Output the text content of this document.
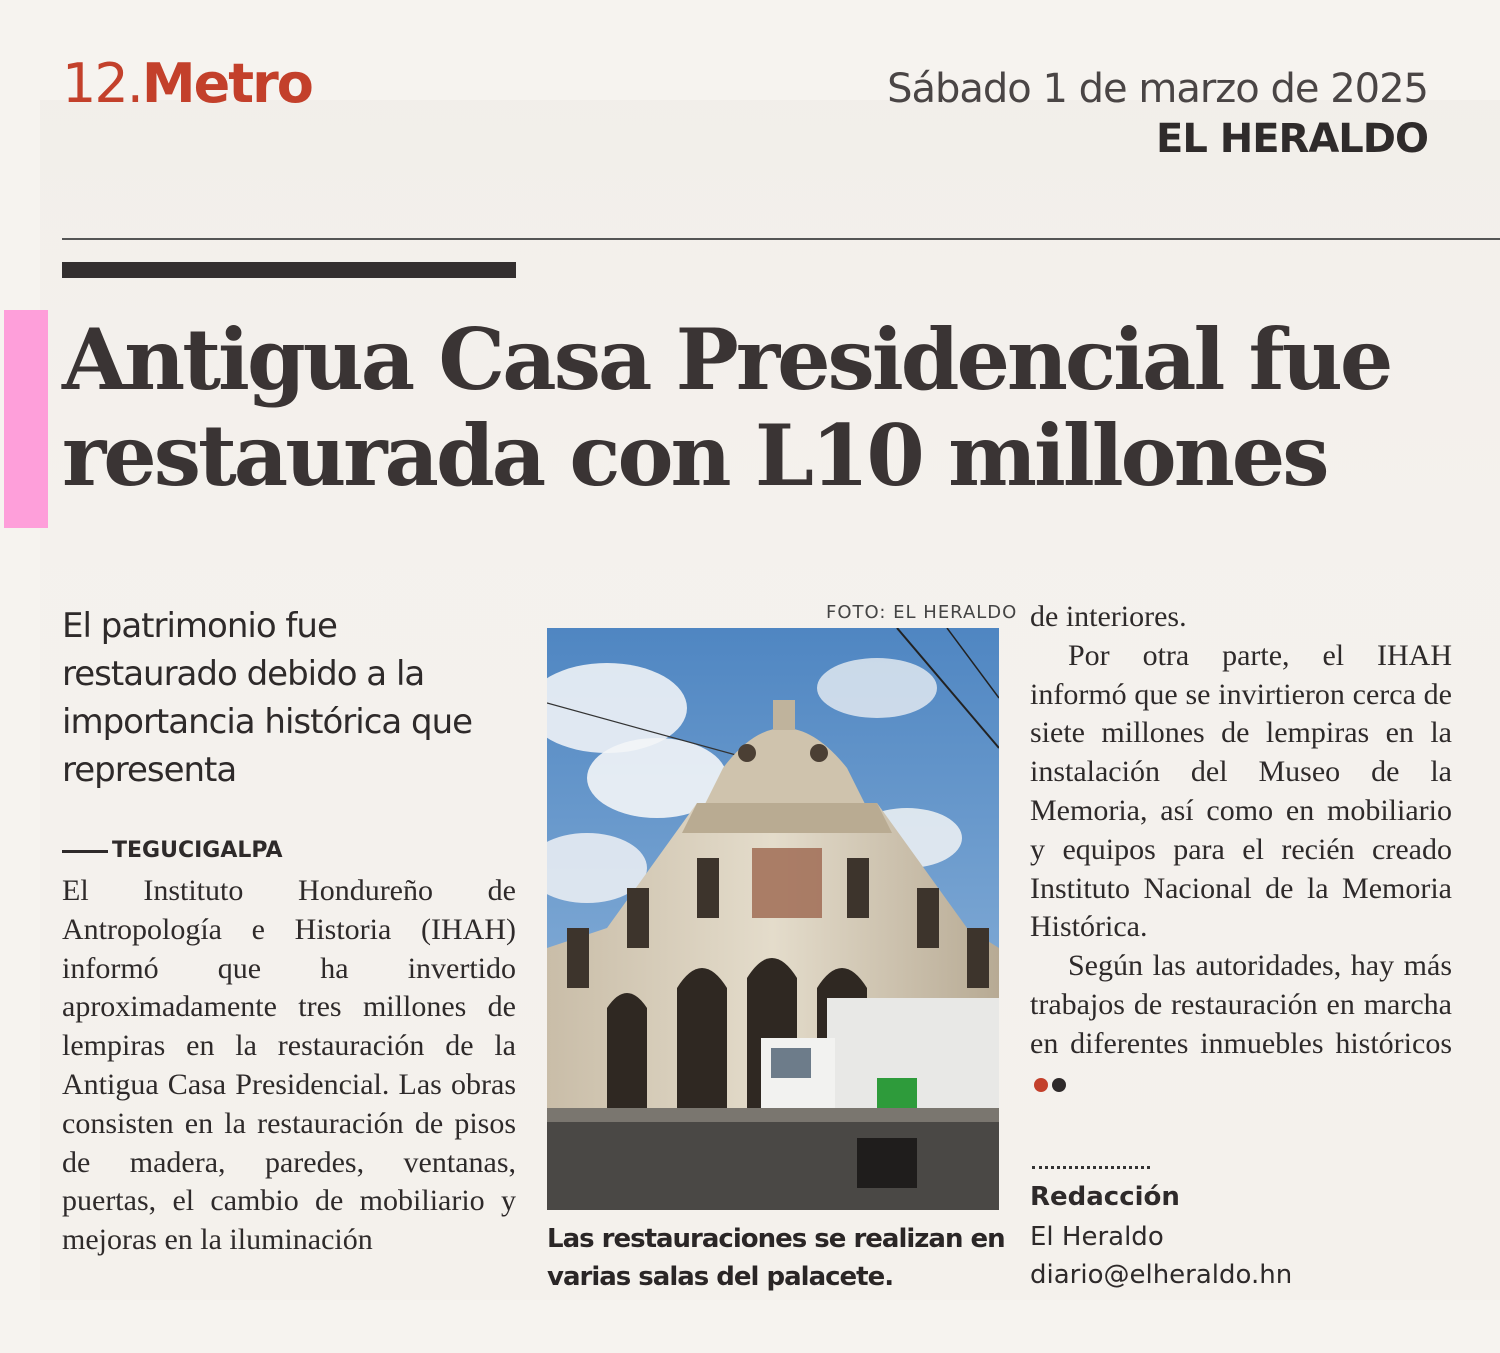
12.Metro	Sábado 1 de marzo de 2025
EL HERALDO
Antigua Casa Presidencial fue
restaurada con L10 millones

El patrimonio fue restaurado debido a la importancia histórica que representa

TEGUCIGALPA

El Instituto Hondureño de Antropología e Historia (IHAH) informó que ha invertido aproximadamente tres millones de lempiras en la restauración de la Antigua Casa Presidencial. Las obras consisten en la restauración de pisos de madera, paredes, ventanas, puertas, el cambio de mobiliario y mejoras en la iluminación

FOTO: EL HERALDO

Las restauraciones se realizan en varias salas del palacete.

de interiores.
Por otra parte, el IHAH informó que se invirtieron cerca de siete millones de lempiras en la instalación del Museo de la Memoria, así como en mobiliario y equipos para el recién creado Instituto Nacional de la Memoria Histórica.
Según las autoridades, hay más trabajos de restauración en marcha en diferentes inmuebles históricos
Redacción
El Heraldo
diario@elheraldo.hn
